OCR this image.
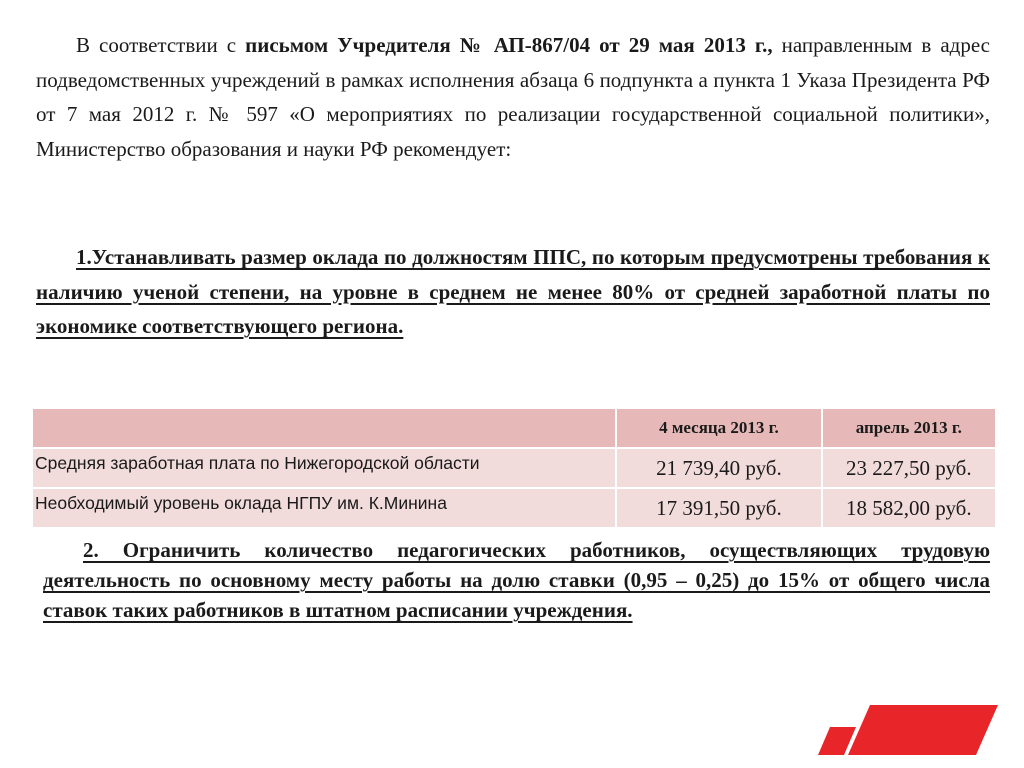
В соответствии с письмом Учредителя № АП-867/04 от 29 мая 2013 г., направленным в адрес подведомственных учреждений в рамках исполнения абзаца 6 подпункта а пункта 1 Указа Президента РФ от 7 мая 2012 г. № 597 «О мероприятиях по реализации государственной социальной политики», Министерство образования и науки РФ рекомендует:

1.Устанавливать размер оклада по должностям ППС, по которым предусмотрены требования к наличию ученой степени, на уровне в среднем не менее 80% от средней заработной платы по экономике соответствующего региона.

	4 месяца 2013 г.	апрель 2013 г.
Средняя заработная плата по Нижегородской области	21 739,40 руб.	23 227,50 руб.
Необходимый уровень оклада НГПУ им. К.Минина	17 391,50 руб.	18 582,00 руб.

2. Ограничить количество педагогических работников, осуществляющих трудовую деятельность по основному месту работы на долю ставки (0,95 – 0,25) до 15% от общего числа ставок таких работников в штатном расписании учреждения.
